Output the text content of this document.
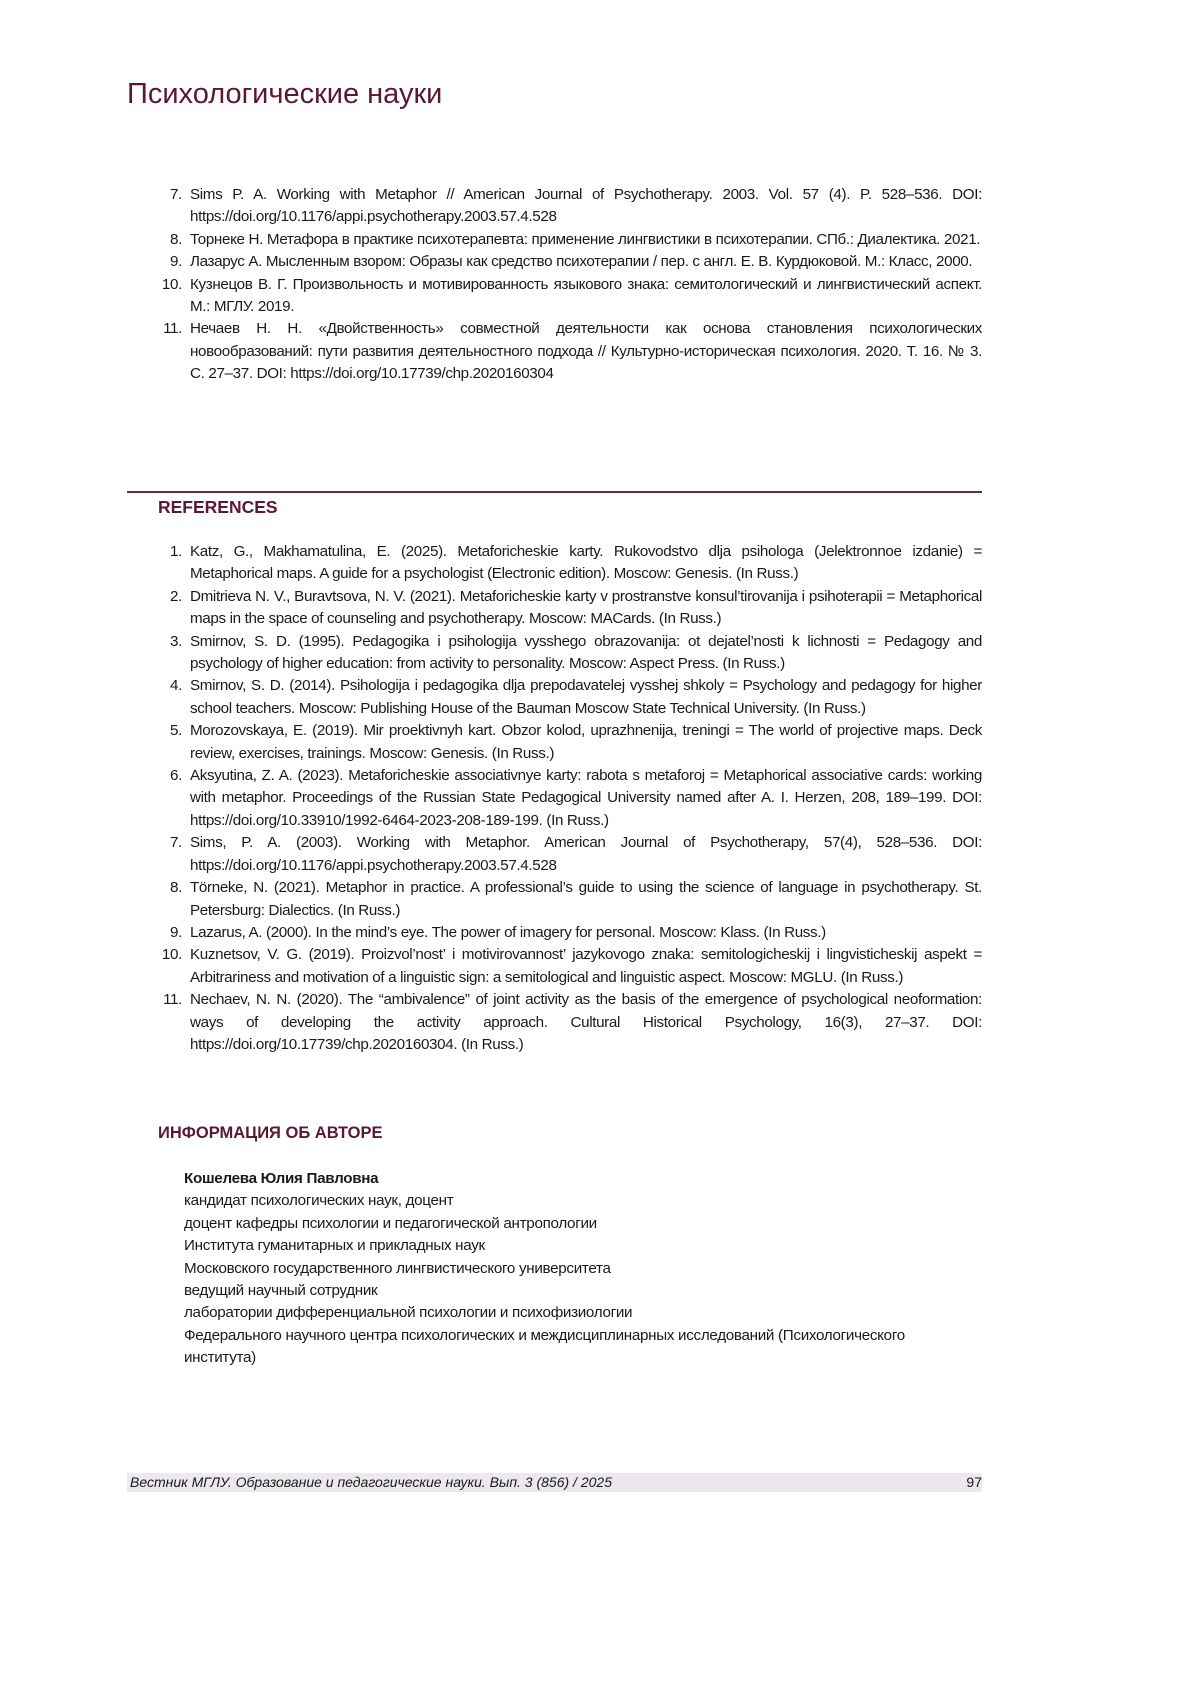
Психологические науки
7. Sims P. A. Working with Metaphor // American Journal of Psychotherapy. 2003. Vol. 57 (4). P. 528–536. DOI: https://doi.org/10.1176/appi.psychotherapy.2003.57.4.528
8. Торнеке Н. Метафора в практике психотерапевта: применение лингвистики в психотерапии. СПб.: Диалектика. 2021.
9. Лазарус А. Мысленным взором: Образы как средство психотерапии / пер. с англ. Е. В. Курдюковой. М.: Класс, 2000.
10. Кузнецов В. Г. Произвольность и мотивированность языкового знака: семитологический и лингвистический аспект. М.: МГЛУ. 2019.
11. Нечаев Н. Н. «Двойственность» совместной деятельности как основа становления психологических новообразований: пути развития деятельностного подхода // Культурно-историческая психология. 2020. Т. 16. № 3. С. 27–37. DOI: https://doi.org/10.17739/chp.2020160304
REFERENCES
1. Katz, G., Makhamatulina, E. (2025). Metaforicheskie karty. Rukovodstvo dlja psihologa (Jelektronnoe izdanie) = Metaphorical maps. A guide for a psychologist (Electronic edition). Moscow: Genesis. (In Russ.)
2. Dmitrieva N. V., Buravtsova, N. V. (2021). Metaforicheskie karty v prostranstve konsul’tirovanija i psihoterapii = Metaphorical maps in the space of counseling and psychotherapy. Moscow: MACards. (In Russ.)
3. Smirnov, S. D. (1995). Pedagogika i psihologija vysshego obrazovanija: ot dejatel’nosti k lichnosti = Pedagogy and psychology of higher education: from activity to personality. Moscow: Aspect Press. (In Russ.)
4. Smirnov, S. D. (2014). Psihologija i pedagogika dlja prepodavatelej vysshej shkoly = Psychology and pedagogy for higher school teachers. Moscow: Publishing House of the Bauman Moscow State Technical University. (In Russ.)
5. Morozovskaya, E. (2019). Mir proektivnyh kart. Obzor kolod, uprazhnenija, treningi = The world of projective maps. Deck review, exercises, trainings. Moscow: Genesis. (In Russ.)
6. Aksyutina, Z. A. (2023). Metaforicheskie associativnye karty: rabota s metaforoj = Metaphorical associative cards: working with metaphor. Proceedings of the Russian State Pedagogical University named after A. I. Herzen, 208, 189–199. DOI: https://doi.org/10.33910/1992-6464-2023-208-189-199. (In Russ.)
7. Sims, P. A. (2003). Working with Metaphor. American Journal of Psychotherapy, 57(4), 528–536. DOI: https://doi.org/10.1176/appi.psychotherapy.2003.57.4.528
8. Törneke, N. (2021). Metaphor in practice. A professional’s guide to using the science of language in psychotherapy. St. Petersburg: Dialectics. (In Russ.)
9. Lazarus, A. (2000). In the mind’s eye. The power of imagery for personal. Moscow: Klass. (In Russ.)
10. Kuznetsov, V. G. (2019). Proizvol’nost’ i motivirovannost’ jazykovogo znaka: semitologicheskij i lingvisticheskij aspekt = Arbitrariness and motivation of a linguistic sign: a semitological and linguistic aspect. Moscow: MGLU. (In Russ.)
11. Nechaev, N. N. (2020). The “ambivalence” of joint activity as the basis of the emergence of psychological neoformation: ways of developing the activity approach. Cultural Historical Psychology, 16(3), 27–37. DOI: https://doi.org/10.17739/chp.2020160304. (In Russ.)
ИНФОРМАЦИЯ ОБ АВТОРЕ
Кошелева Юлия Павловна
кандидат психологических наук, доцент
доцент кафедры психологии и педагогической антропологии
Института гуманитарных и прикладных наук
Московского государственного лингвистического университета
ведущий научный сотрудник
лаборатории дифференциальной психологии и психофизиологии
Федерального научного центра психологических и междисциплинарных исследований (Психологического института)
Вестник МГЛУ. Образование и педагогические науки. Вып. 3 (856) / 2025	97
